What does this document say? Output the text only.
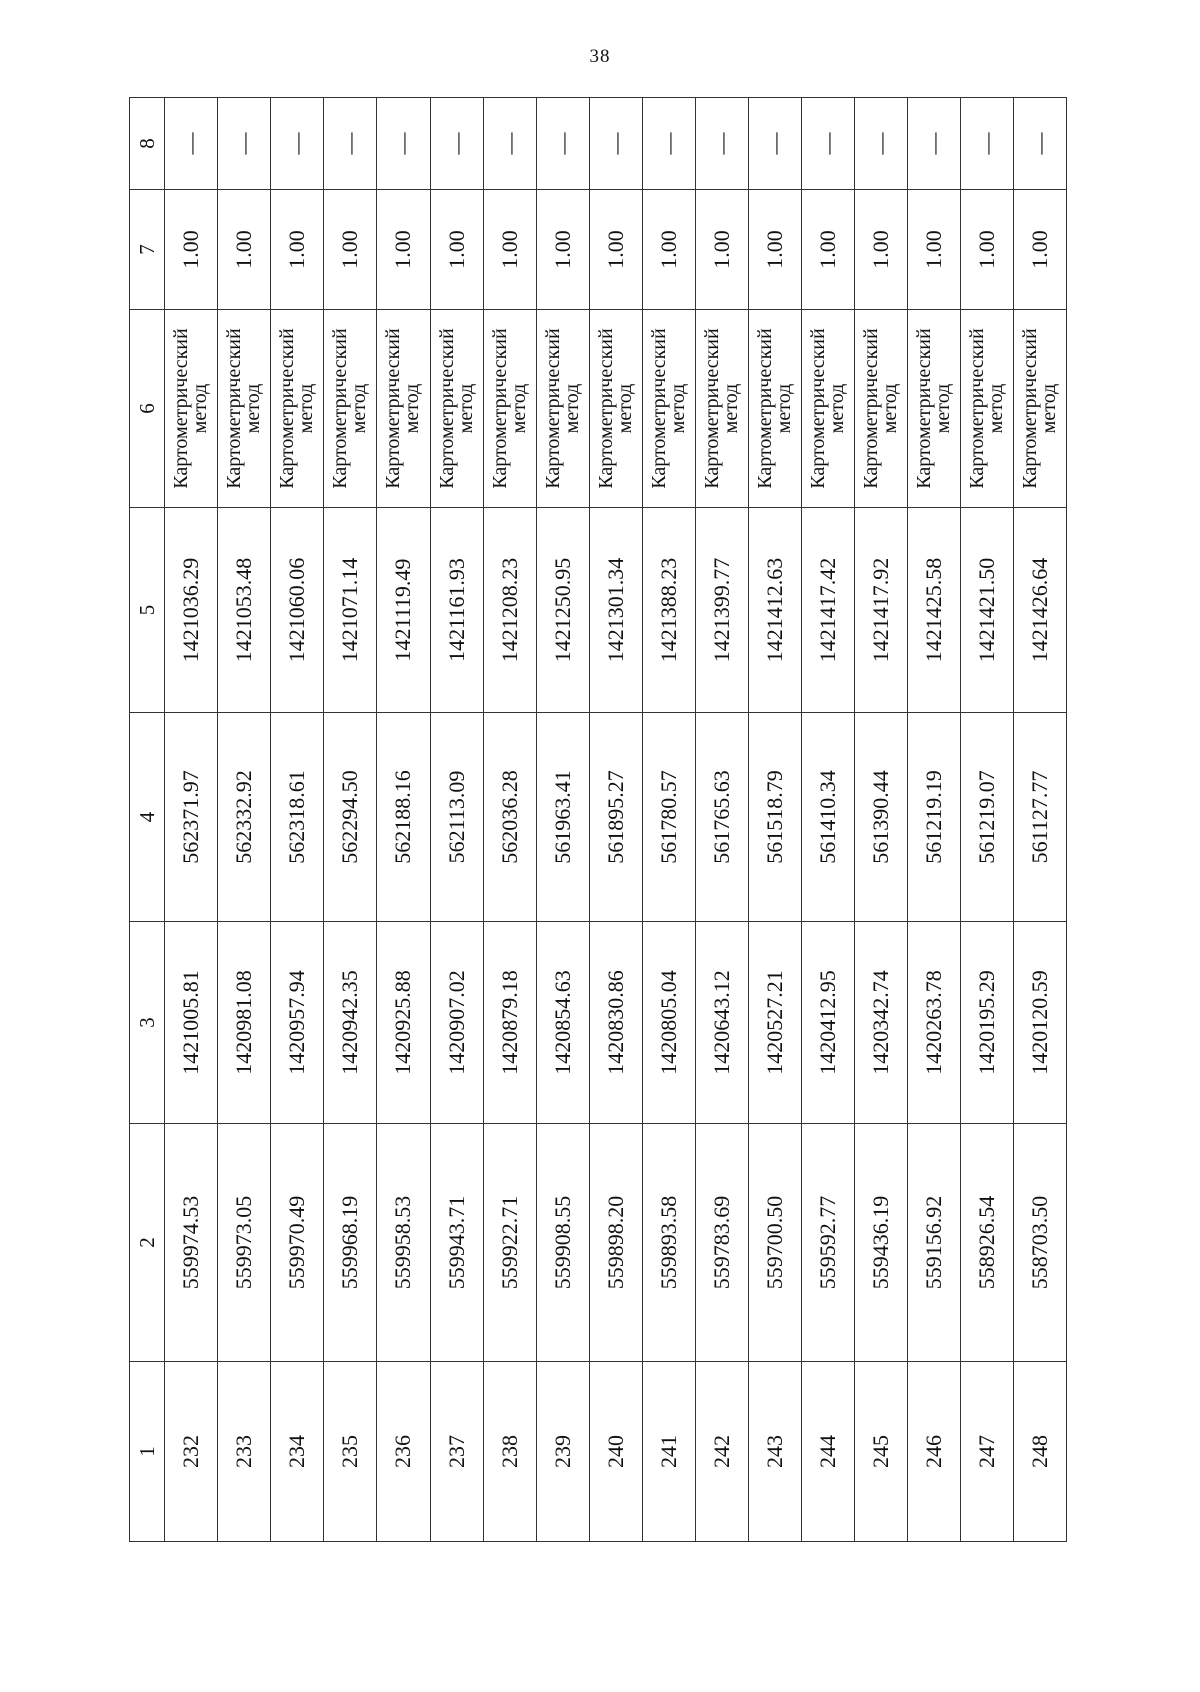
38
1	2	3	4	5	6	7	8
232	559974.53	1421005.81	562371.97	1421036.29	Картометрический метод	1.00	—
233	559973.05	1420981.08	562332.92	1421053.48	Картометрический метод	1.00	—
234	559970.49	1420957.94	562318.61	1421060.06	Картометрический метод	1.00	—
235	559968.19	1420942.35	562294.50	1421071.14	Картометрический метод	1.00	—
236	559958.53	1420925.88	562188.16	1421119.49	Картометрический метод	1.00	—
237	559943.71	1420907.02	562113.09	1421161.93	Картометрический метод	1.00	—
238	559922.71	1420879.18	562036.28	1421208.23	Картометрический метод	1.00	—
239	559908.55	1420854.63	561963.41	1421250.95	Картометрический метод	1.00	—
240	559898.20	1420830.86	561895.27	1421301.34	Картометрический метод	1.00	—
241	559893.58	1420805.04	561780.57	1421388.23	Картометрический метод	1.00	—
242	559783.69	1420643.12	561765.63	1421399.77	Картометрический метод	1.00	—
243	559700.50	1420527.21	561518.79	1421412.63	Картометрический метод	1.00	—
244	559592.77	1420412.95	561410.34	1421417.42	Картометрический метод	1.00	—
245	559436.19	1420342.74	561390.44	1421417.92	Картометрический метод	1.00	—
246	559156.92	1420263.78	561219.19	1421425.58	Картометрический метод	1.00	—
247	558926.54	1420195.29	561219.07	1421421.50	Картометрический метод	1.00	—
248	558703.50	1420120.59	561127.77	1421426.64	Картометрический метод	1.00	—
